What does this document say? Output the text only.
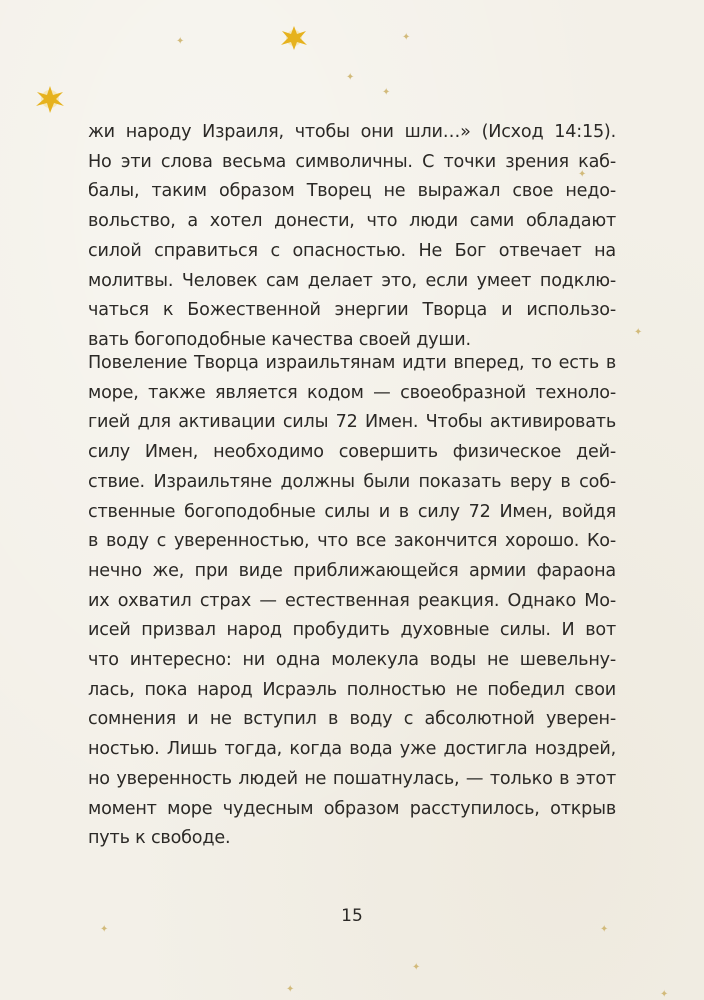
✦	✦
✦
✦
✦
✦
✦	✦
✦
✦	✦
жи народу Израиля, чтобы они шли…» (Исход 14:15).
Но эти слова весьма символичны. С точки зрения каб-
балы, таким образом Творец не выражал свое недо-
вольство, а хотел донести, что люди сами обладают
силой справиться с опасностью. Не Бог отвечает на
молитвы. Человек сам делает это, если умеет подклю-
чаться к Божественной энергии Творца и использо-
вать богоподобные качества своей души.
Повеление Творца израильтянам идти вперед, то есть в
море, также является кодом — своеобразной техноло-
гией для активации силы 72 Имен. Чтобы активировать
силу Имен, необходимо совершить физическое дей-
ствие. Израильтяне должны были показать веру в соб-
ственные богоподобные силы и в силу 72 Имен, войдя
в воду с уверенностью, что все закончится хорошо. Ко-
нечно же, при виде приближающейся армии фараона
их охватил страх — естественная реакция. Однако Мо-
исей призвал народ пробудить духовные силы. И вот
что интересно: ни одна молекула воды не шевельну-
лась, пока народ Исраэль полностью не победил свои
сомнения и не вступил в воду с абсолютной уверен-
ностью. Лишь тогда, когда вода уже достигла ноздрей,
но уверенность людей не пошатнулась, — только в этот
момент море чудесным образом расступилось, открыв
путь к свободе.
15
